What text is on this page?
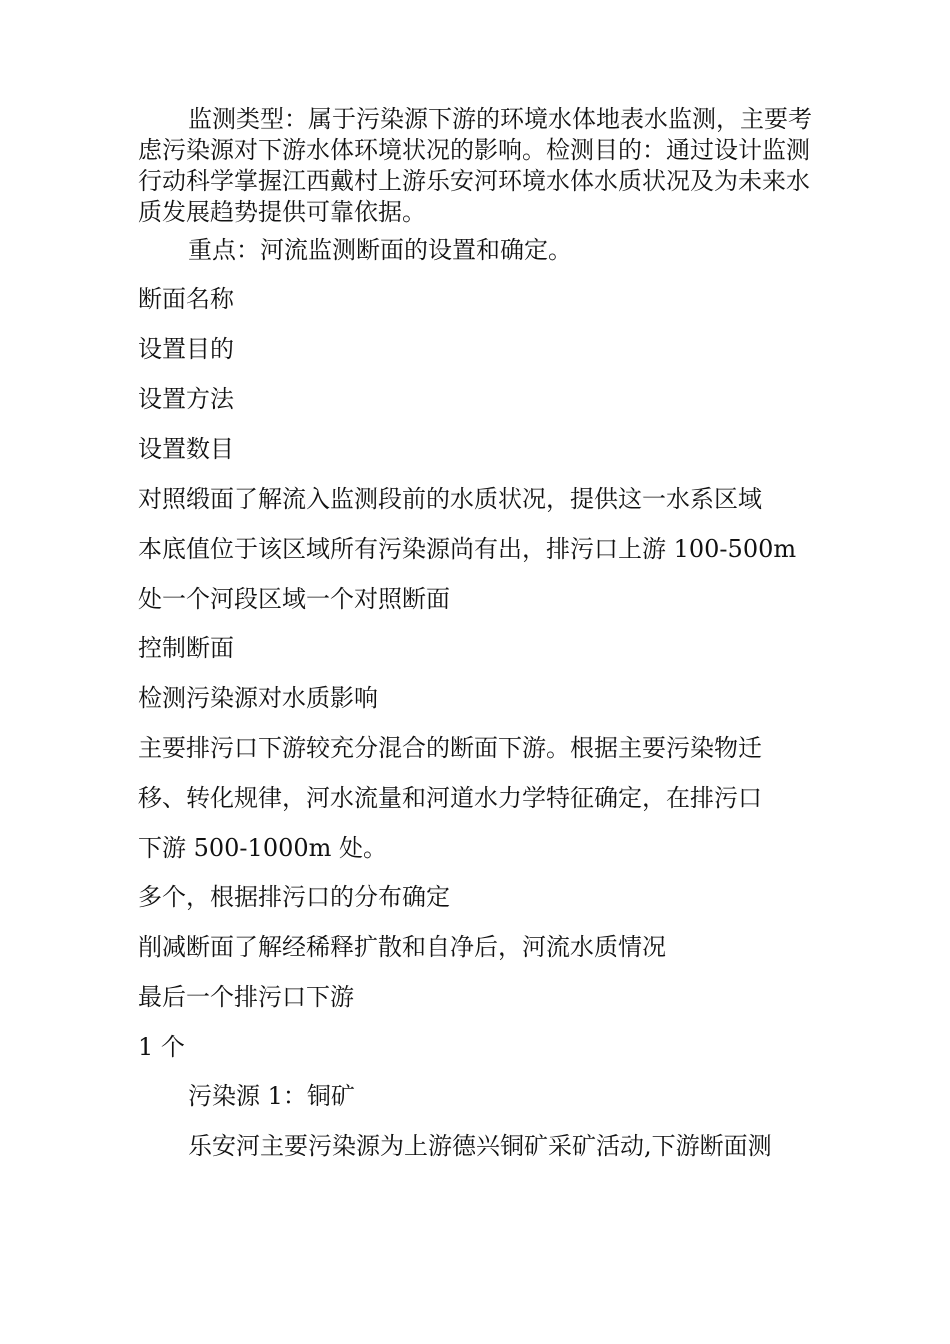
监测类型：属于污染源下游的环境水体地表水监测，主要考虑污染源对下游水体环境状况的影响。检测目的：通过设计监测行动科学掌握江西戴村上游乐安河环境水体水质状况及为未来水质发展趋势提供可靠依据。

重点：河流监测断面的设置和确定。
断面名称
设置目的
设置方法
设置数目
对照缎面了解流入监测段前的水质状况，提供这一水系区域
本底值位于该区域所有污染源尚有出，排污口上游 100-500m
处一个河段区域一个对照断面
控制断面
检测污染源对水质影响
主要排污口下游较充分混合的断面下游。根据主要污染物迁
移、转化规律，河水流量和河道水力学特征确定，在排污口
下游 500-1000m 处。
多个，根据排污口的分布确定
削减断面了解经稀释扩散和自净后，河流水质情况
最后一个排污口下游
1 个
污染源 1：铜矿
乐安河主要污染源为上游德兴铜矿采矿活动,下游断面测
